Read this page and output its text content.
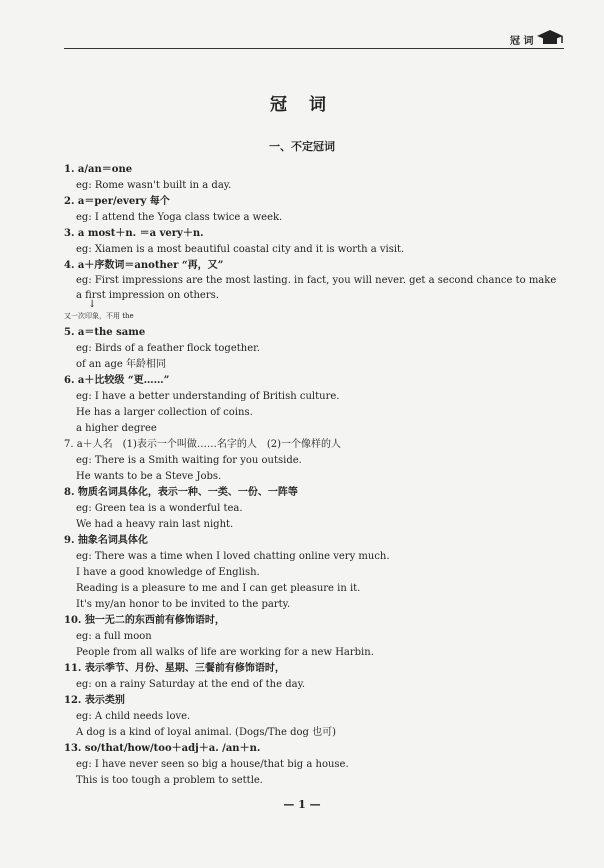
冠 词
冠 词
一、不定冠词
1. a/an＝one
eg: Rome wasn't built in a day.
2. a＝per/every 每个
eg: I attend the Yoga class twice a week.
3. a most＋n. ＝a very＋n.
eg: Xiamen is a most beautiful coastal city and it is worth a visit.
4. a＋序数词＝another “再，又”
eg: First impressions are the most lasting. in fact, you will never. get a second chance to make a first impression on others.
↓
又一次印象，不用 the
5. a＝the same
eg: Birds of a feather flock together.
of an age 年龄相同
6. a＋比较级 “更……”
eg: I have a better understanding of British culture.
He has a larger collection of coins.
a higher degree
7. a＋人名　(1)表示一个叫做……名字的人　(2)一个像样的人
eg: There is a Smith waiting for you outside.
He wants to be a Steve Jobs.
8. 物质名词具体化，表示一种、一类、一份、一阵等
eg: Green tea is a wonderful tea.
We had a heavy rain last night.
9. 抽象名词具体化
eg: There was a time when I loved chatting online very much.
I have a good knowledge of English.
Reading is a pleasure to me and I can get pleasure in it.
It's my/an honor to be invited to the party.
10. 独一无二的东西前有修饰语时，
eg: a full moon
People from all walks of life are working for a new Harbin.
11. 表示季节、月份、星期、三餐前有修饰语时，
eg: on a rainy Saturday at the end of the day.
12. 表示类别
eg: A child needs love.
A dog is a kind of loyal animal. (Dogs/The dog 也可)
13. so/that/how/too＋adj＋a. /an＋n.
eg: I have never seen so big a house/that big a house.
This is too tough a problem to settle.
— 1 —
